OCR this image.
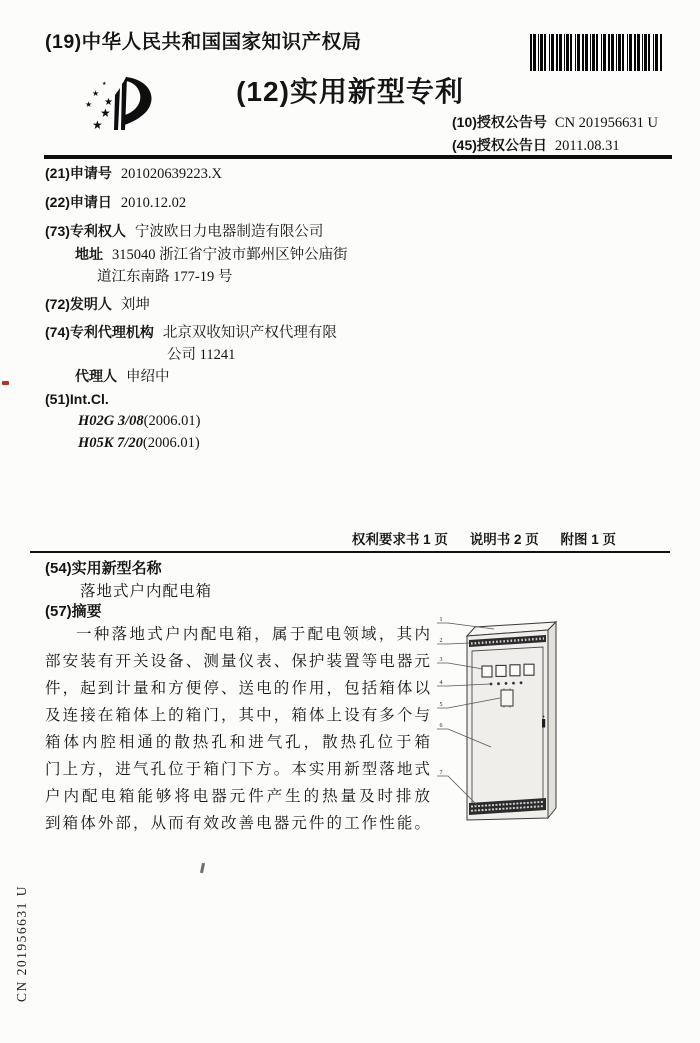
(19)中华人民共和国国家知识产权局
★
★
★
★
★
★
(12)实用新型专利
(10)授权公告号 CN 201956631 U
(45)授权公告日 2011.08.31
(21)申请号 201020639223.X
(22)申请日 2010.12.02
(73)专利权人 宁波欧日力电器制造有限公司
地址 315040 浙江省宁波市鄞州区钟公庙街
道江东南路 177-19 号
(72)发明人 刘坤
(74)专利代理机构 北京双收知识产权代理有限
公司 11241
代理人 申绍中
(51)Int.Cl.
H02G 3/08(2006.01)
H05K 7/20(2006.01)
权利要求书 1 页 说明书 2 页 附图 1 页
(54)实用新型名称
落地式户内配电箱
(57)摘要
一种落地式户内配电箱，属于配电领域，其内
部安装有开关设备、测量仪表、保护装置等电器元
件，起到计量和方便停、送电的作用，包括箱体以
及连接在箱体上的箱门，其中，箱体上设有多个与
箱体内腔相通的散热孔和进气孔，散热孔位于箱
门上方，进气孔位于箱门下方。本实用新型落地式
户内配电箱能够将电器元件产生的热量及时排放
到箱体外部，从而有效改善电器元件的工作性能。
1
2
3
4
5
6
7
CN 201956631 U
